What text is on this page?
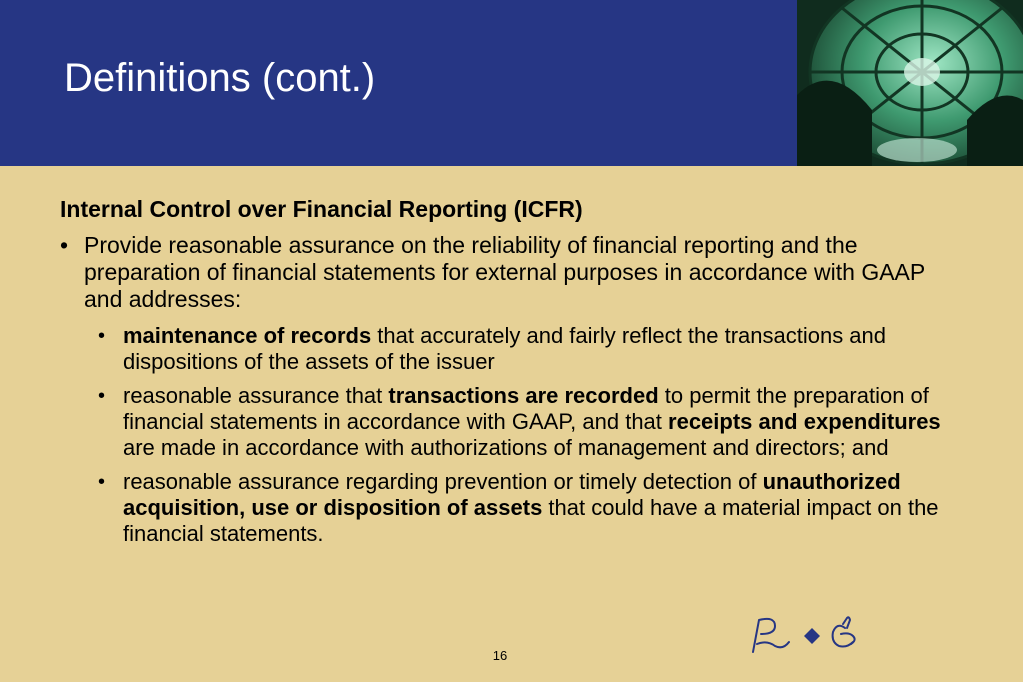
Definitions (cont.)
Internal Control over Financial Reporting (ICFR)
• Provide reasonable assurance on the reliability of financial reporting and the preparation of financial statements for external purposes in accordance with GAAP and addresses:
• maintenance of records that accurately and fairly reflect the transactions and dispositions of the assets of the issuer
• reasonable assurance that transactions are recorded to permit the preparation of financial statements in accordance with GAAP, and that receipts and expenditures are made in accordance with authorizations of management and directors; and
• reasonable assurance regarding prevention or timely detection of unauthorized acquisition, use or disposition of assets that could have a material impact on the financial statements.
16
